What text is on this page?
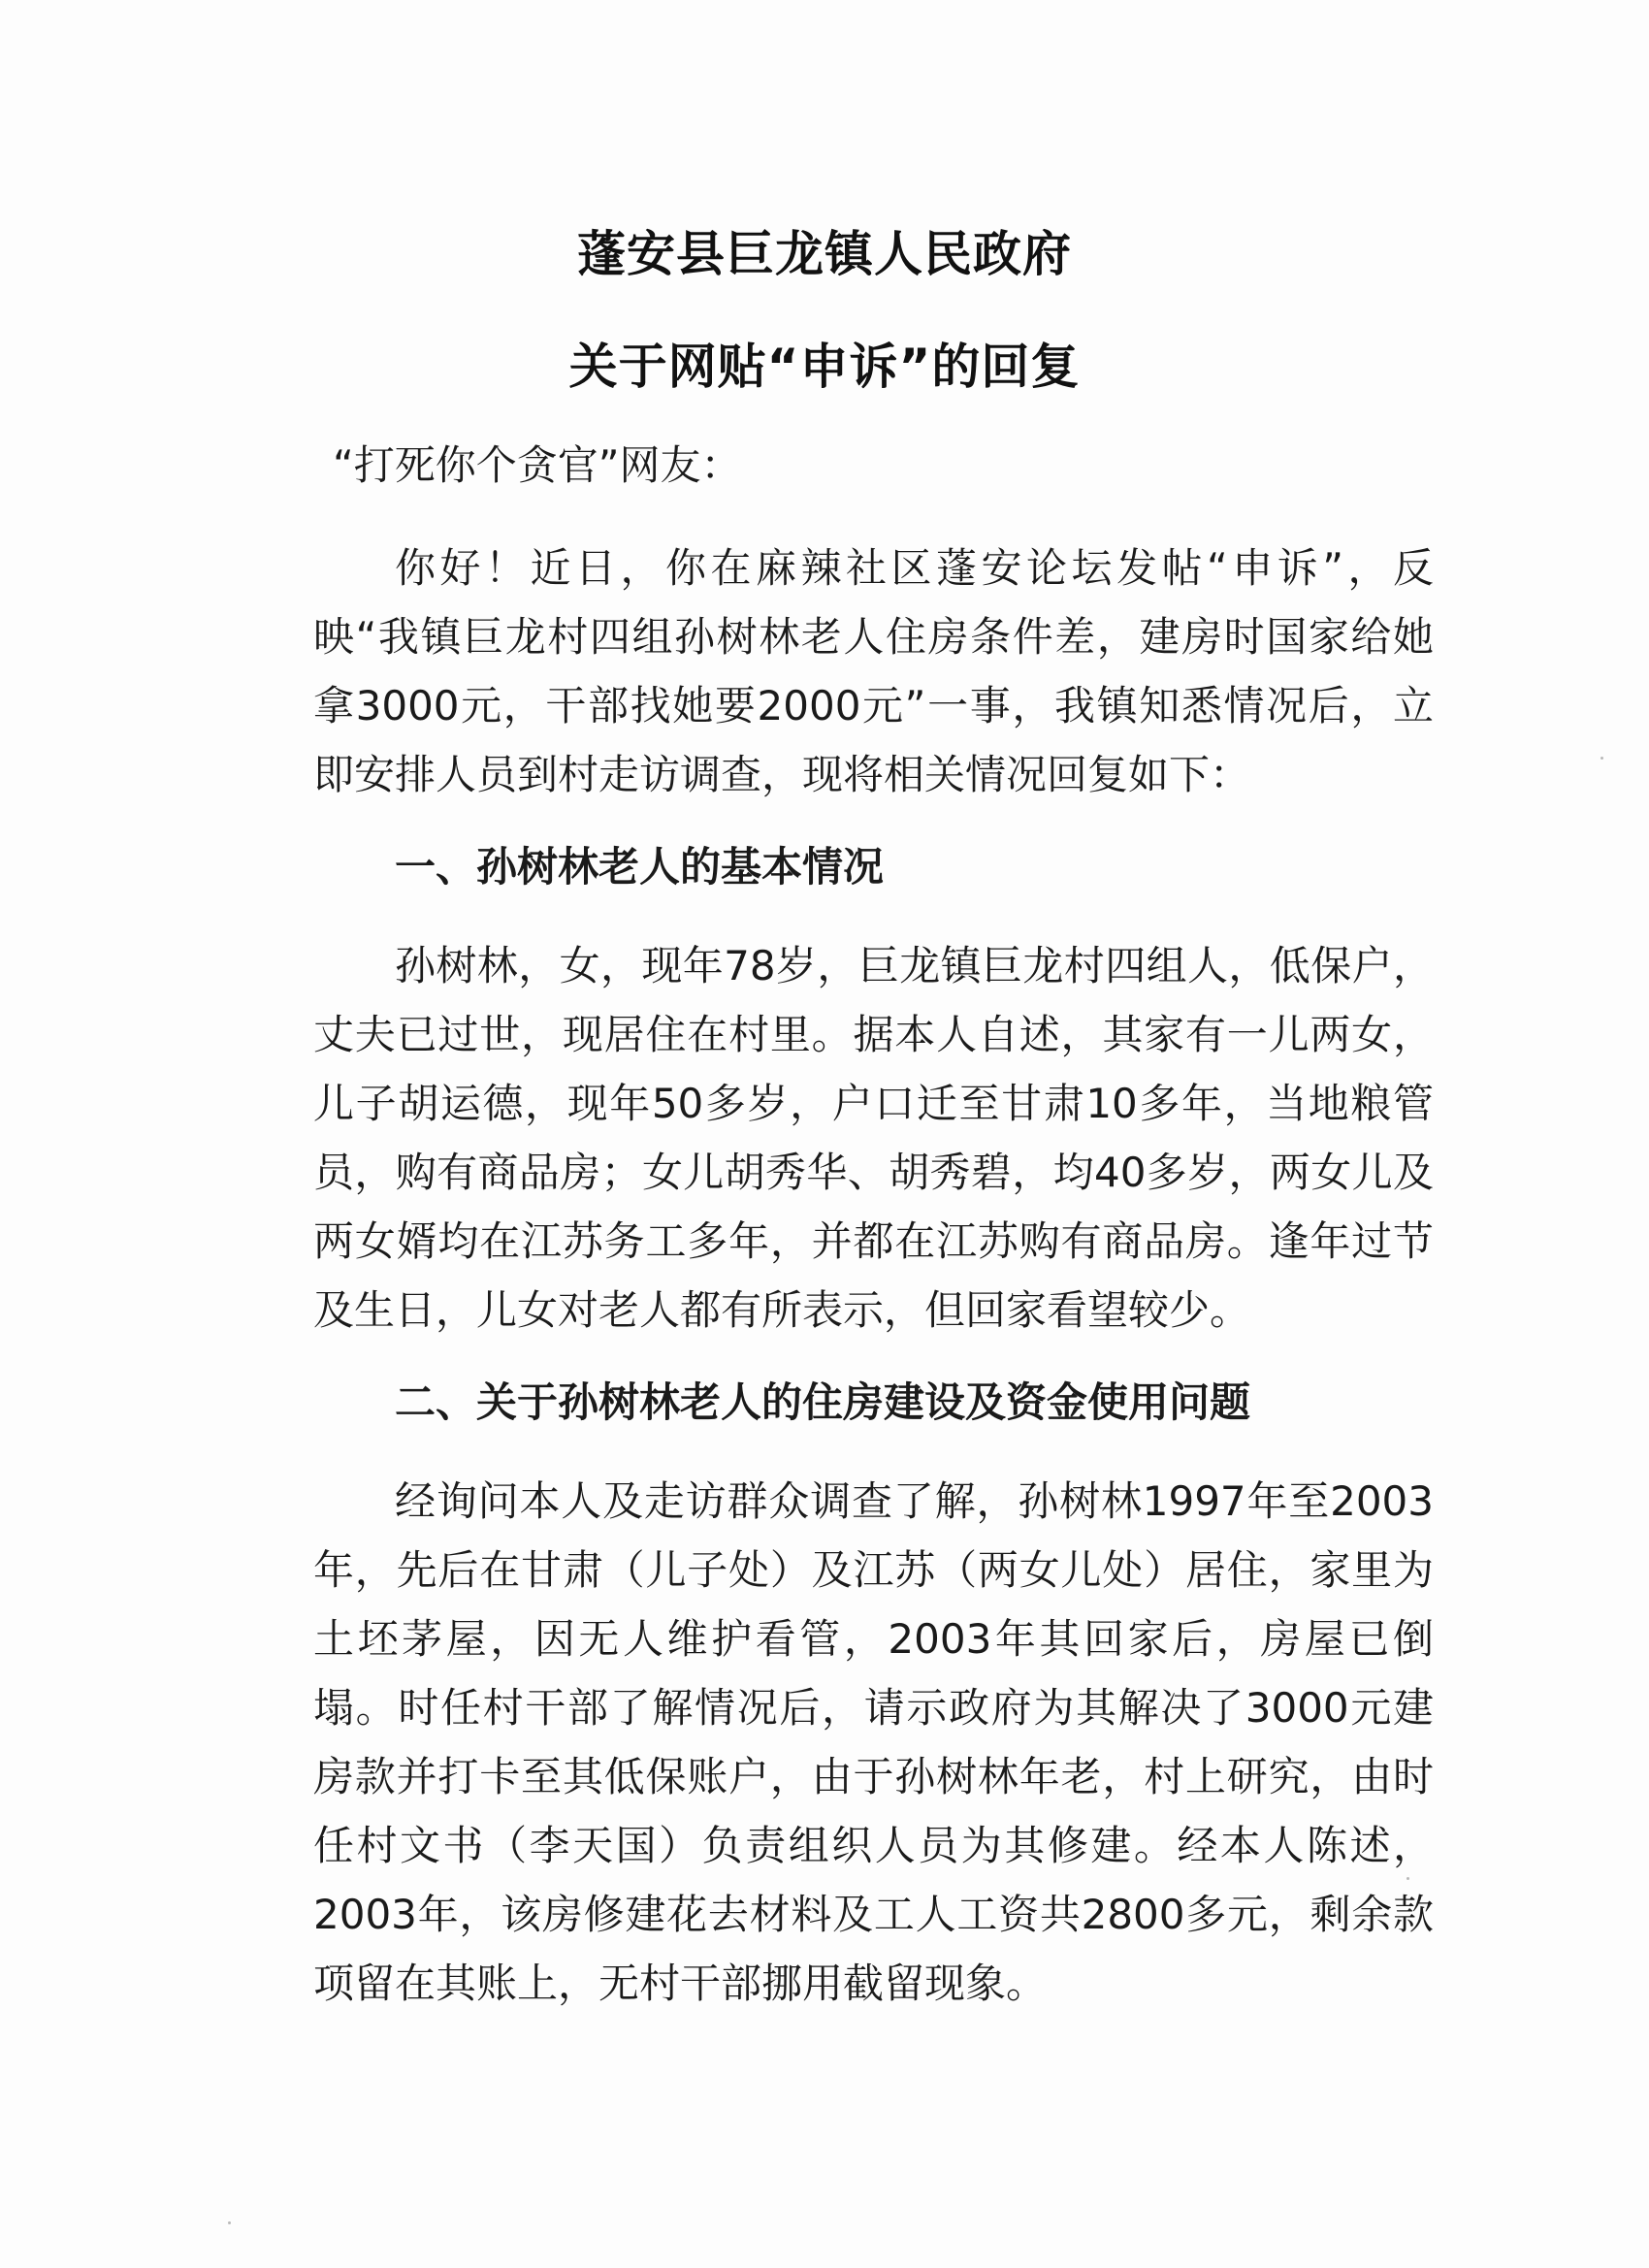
蓬安县巨龙镇人民政府
关于网贴“申诉”的回复
“打死你个贪官”网友：

你好！近日，你在麻辣社区蓬安论坛发帖“申诉”，反映“我镇巨龙村四组孙树林老人住房条件差，建房时国家给她拿3000元，干部找她要2000元”一事，我镇知悉情况后，立即安排人员到村走访调查，现将相关情况回复如下：

一、孙树林老人的基本情况

孙树林，女，现年78岁，巨龙镇巨龙村四组人，低保户，丈夫已过世，现居住在村里。据本人自述，其家有一儿两女，儿子胡运德，现年50多岁，户口迁至甘肃10多年，当地粮管员，购有商品房；女儿胡秀华、胡秀碧，均40多岁，两女儿及两女婿均在江苏务工多年，并都在江苏购有商品房。逢年过节及生日，儿女对老人都有所表示，但回家看望较少。

二、关于孙树林老人的住房建设及资金使用问题

经询问本人及走访群众调查了解，孙树林1997年至2003年，先后在甘肃（儿子处）及江苏（两女儿处）居住，家里为土坯茅屋，因无人维护看管，2003年其回家后，房屋已倒塌。时任村干部了解情况后，请示政府为其解决了3000元建房款并打卡至其低保账户，由于孙树林年老，村上研究，由时任村文书（李天国）负责组织人员为其修建。经本人陈述，2003年，该房修建花去材料及工人工资共2800多元，剩余款项留在其账上，无村干部挪用截留现象。
